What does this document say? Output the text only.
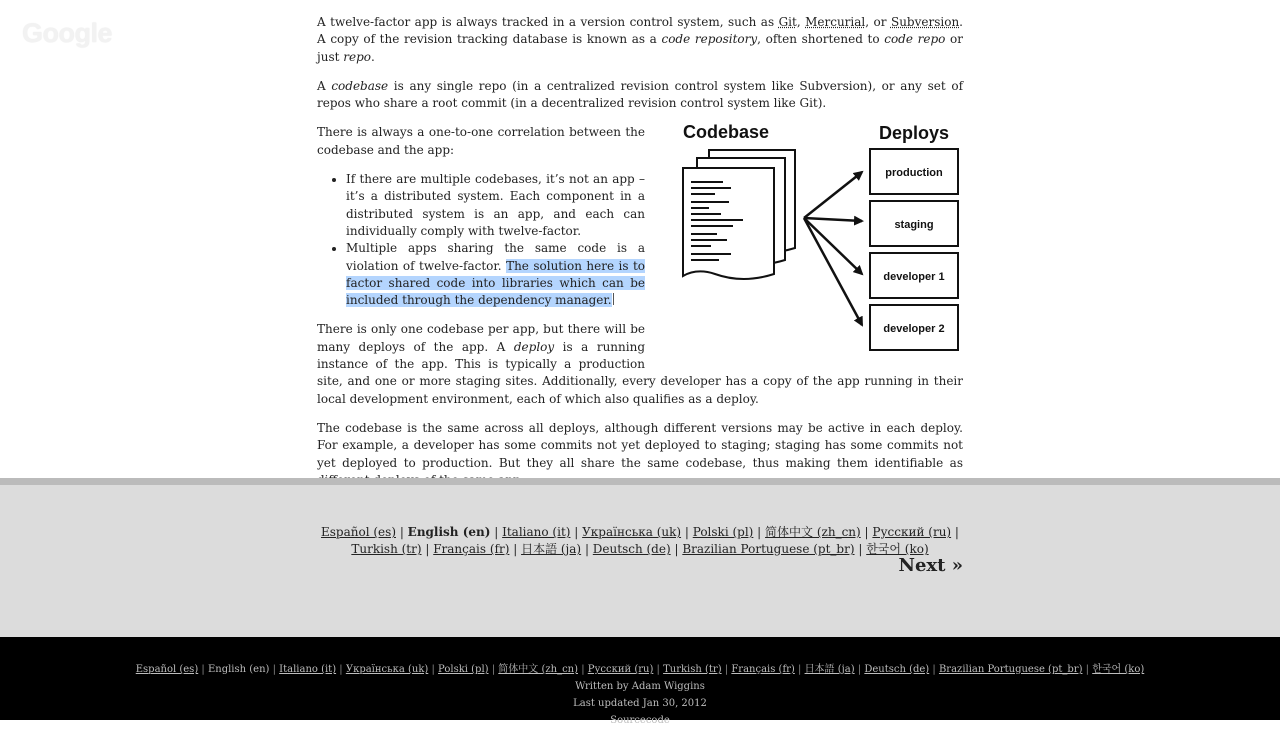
Google	A twelve-factor app is always tracked in a version control system, such as Git, Mercurial, or Subversion. A copy of the revision tracking database is known as a code repository, often shortened to code repo or just repo.

A codebase is any single repo (in a centralized revision control system like Subversion), or any set of repos who share a root commit (in a decentralized revision control system like Git).

Codebase	Deploys
production
staging
developer 1
developer 2

There is always a one-to-one correlation between the codebase and the app:

• If there are multiple codebases, it’s not an app – it’s a distributed system. Each component in a distributed system is an app, and each can individually comply with twelve-factor.
• Multiple apps sharing the same code is a violation of twelve-factor. The solution here is to factor shared code into libraries which can be included through the dependency manager.

There is only one codebase per app, but there will be many deploys of the app. A deploy is a running instance of the app. This is typically a production site, and one or more staging sites. Additionally, every developer has a copy of the app running in their local development environment, each of which also qualifies as a deploy.

The codebase is the same across all deploys, although different versions may be active in each deploy. For example, a developer has some commits not yet deployed to staging; staging has some commits not yet deployed to production. But they all share the same codebase, thus making them identifiable as

Español (es) | English (en) | Italiano (it) | Українська (uk) | Polski (pl) | 简体中文 (zh_cn) | Русский (ru) | Turkish (tr) | Français (fr) | 日本語 (ja) | Deutsch (de) | Brazilian Portuguese (pt_br) | 한국어 (ko)
Next »
Español (es) | English (en) | Italiano (it) | Українська (uk) | Polski (pl) | 简体中文 (zh_cn) | Русский (ru) | Turkish (tr) | Français (fr) | 日本語 (ja) | Deutsch (de) | Brazilian Portuguese (pt_br) | 한국어 (ko)
Written by Adam Wiggins
Last updated Jan 30, 2012
Sourcecode
